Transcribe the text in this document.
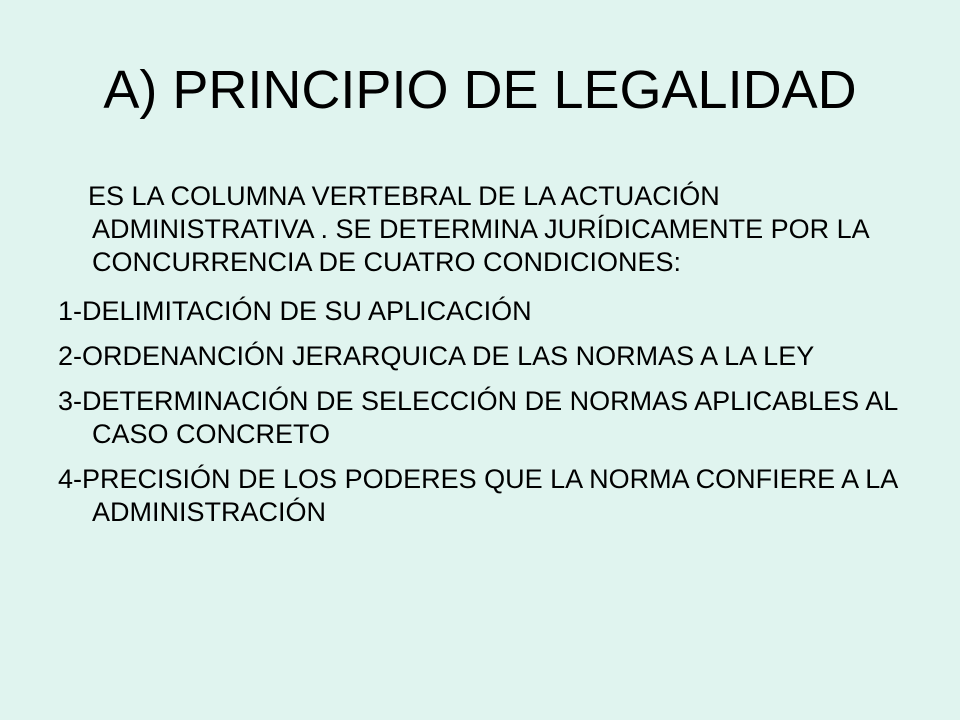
A) PRINCIPIO DE LEGALIDAD

ES LA COLUMNA VERTEBRAL DE LA ACTUACIÓN ADMINISTRATIVA . SE DETERMINA JURÍDICAMENTE POR LA CONCURRENCIA DE CUATRO CONDICIONES:

1-DELIMITACIÓN DE SU APLICACIÓN

2-ORDENANCIÓN JERARQUICA DE LAS NORMAS A LA LEY

3-DETERMINACIÓN DE SELECCIÓN DE NORMAS APLICABLES AL CASO CONCRETO

4-PRECISIÓN DE LOS PODERES QUE LA NORMA CONFIERE A LA ADMINISTRACIÓN
